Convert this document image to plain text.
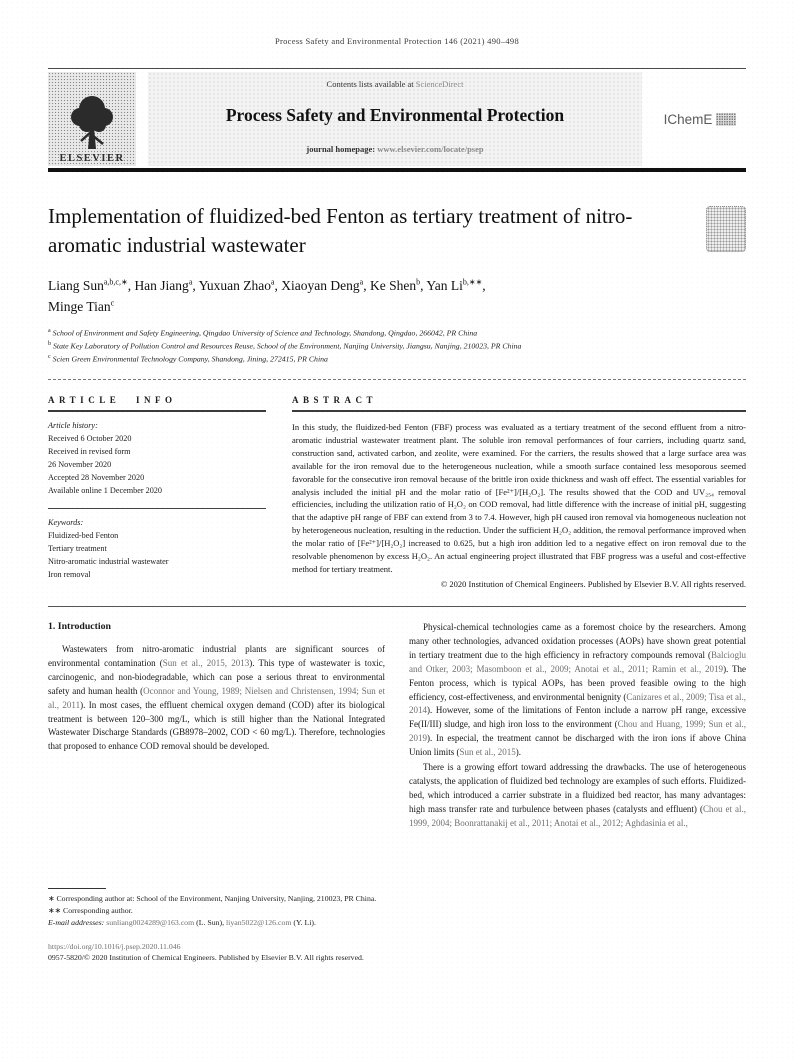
Process Safety and Environmental Protection 146 (2021) 490–498
ELSEVIER
Contents lists available at ScienceDirect
Process Safety and Environmental Protection
journal homepage: www.elsevier.com/locate/psep
IChemE
Implementation of fluidized-bed Fenton as tertiary treatment of nitro-aromatic industrial wastewater
Liang Sun$^{a,b,c,∗}$, Han Jiang$^a$, Yuxuan Zhao$^a$, Xiaoyan Deng$^a$, Ke Shen$^b$, Yan $Li^{b,∗∗}$,
Minge Tian$^c$
$^a$ School of Environment and Safety Engineering, Qingdao University of Science and Technology, Shandong, Qingdao, 266042, PR China
$^b$ State Key Laboratory of Pollution Control and Resources Reuse, School of the Environment, Nanjing University, Jiangsu, Nanjing, 210023, PR China
$^c$ Scien Green Environmental Technology Company, Shandong, Jining, 272415, PR China
ARTICLE INFO
Article history:
Received 6 October 2020
Received in revised form
26 November 2020
Accepted 28 November 2020
Available online 1 December 2020
Keywords:
Fluidized-bed Fenton
Tertiary treatment
Nitro-aromatic industrial wastewater
Iron removal
ABSTRACT
In this study, the fluidized-bed Fenton (FBF) process was evaluated as a tertiary treatment of the second effluent from a nitro-aromatic industrial wastewater treatment plant. The soluble iron removal performances of four carriers, including quartz sand, construction sand, activated carbon, and zeolite, were examined. For the carriers, the results showed that a large surface area was available for the iron removal due to the heterogeneous nucleation, while a smooth surface contained less mesoporous seemed favorable for the consecutive iron removal because of the brittle iron oxide thickness and wash off effect. The essential variables for analysis included the initial pH and the molar ratio of [Fe²⁺]/[H₂O₂]. The results showed that the COD and UV₂₅₄ removal efficiencies, including the utilization ratio of H₂O₂ on COD removal, had little difference with the increase of initial pH, suggesting that the adaptive pH range of FBF can extend from 3 to 7.4. However, high pH caused iron removal via homogeneous nucleation not by heterogeneous nucleation, resulting in the reduction. Under the sufficient H₂O₂ addition, the removal performance improved when the molar ratio of [Fe²⁺]/[H₂O₂] increased to 0.625, but a high iron addition led to a negative effect on iron removal due to the resolvable phenomenon by excess H₂O₂. An actual engineering project illustrated that FBF progress was a useful and cost-effective method for tertiary treatment.
© 2020 Institution of Chemical Engineers. Published by Elsevier B.V. All rights reserved.
1. Introduction

Wastewaters from nitro-aromatic industrial plants are significant sources of environmental contamination (Sun et al., 2015, 2013). This type of wastewater is toxic, carcinogenic, and non-biodegradable, which can pose a serious threat to environmental safety and human health (Oconnor and Young, 1989; Nielsen and Christensen, 1994; Sun et al., 2011). In most cases, the effluent chemical oxygen demand (COD) after its biological treatment is between 120–300 mg/L, which is still higher than the National Integrated Wastewater Discharge Standards (GB8978–2002, COD < 60 mg/L). Therefore, technologies that proposed to enhance COD removal should be developed.

∗ Corresponding author at: School of the Environment, Nanjing University, Nanjing, 210023, PR China.
∗∗ Corresponding author.
E-mail addresses: sunliang0024289@163.com (L. Sun), liyan5022@126.com (Y. Li).

Physical-chemical technologies came as a foremost choice by the researchers. Among many other technologies, advanced oxidation processes (AOPs) have shown great potential in tertiary treatment due to the high efficiency in refractory compounds removal (Balcioglu and Otker, 2003; Masomboon et al., 2009; Anotai et al., 2011; Ramin et al., 2019). The Fenton process, which is typical AOPs, has been proved feasible owing to the high efficiency, cost-effectiveness, and environmental benignity (Canizares et al., 2009; Tisa et al., 2014). However, some of the limitations of Fenton include a narrow pH range, excessive Fe(II/III) sludge, and high iron loss to the environment (Chou and Huang, 1999; Sun et al., 2019). In especial, the treatment cannot be discharged with the iron ions if above China Union limits (Sun et al., 2015).

There is a growing effort toward addressing the drawbacks. The use of heterogeneous catalysts, the application of fluidized bed technology are examples of such efforts. Fluidized-bed, which introduced a carrier substrate in a fluidized bed reactor, has many advantages: high mass transfer rate and turbulence between phases (catalysts and effluent) (Chou et al., 1999, 2004; Boonrattanakij et al., 2011; Anotai et al., 2012; Aghdasinia et al.,

https://doi.org/10.1016/j.psep.2020.11.046
0957-5820/© 2020 Institution of Chemical Engineers. Published by Elsevier B.V. All rights reserved.
